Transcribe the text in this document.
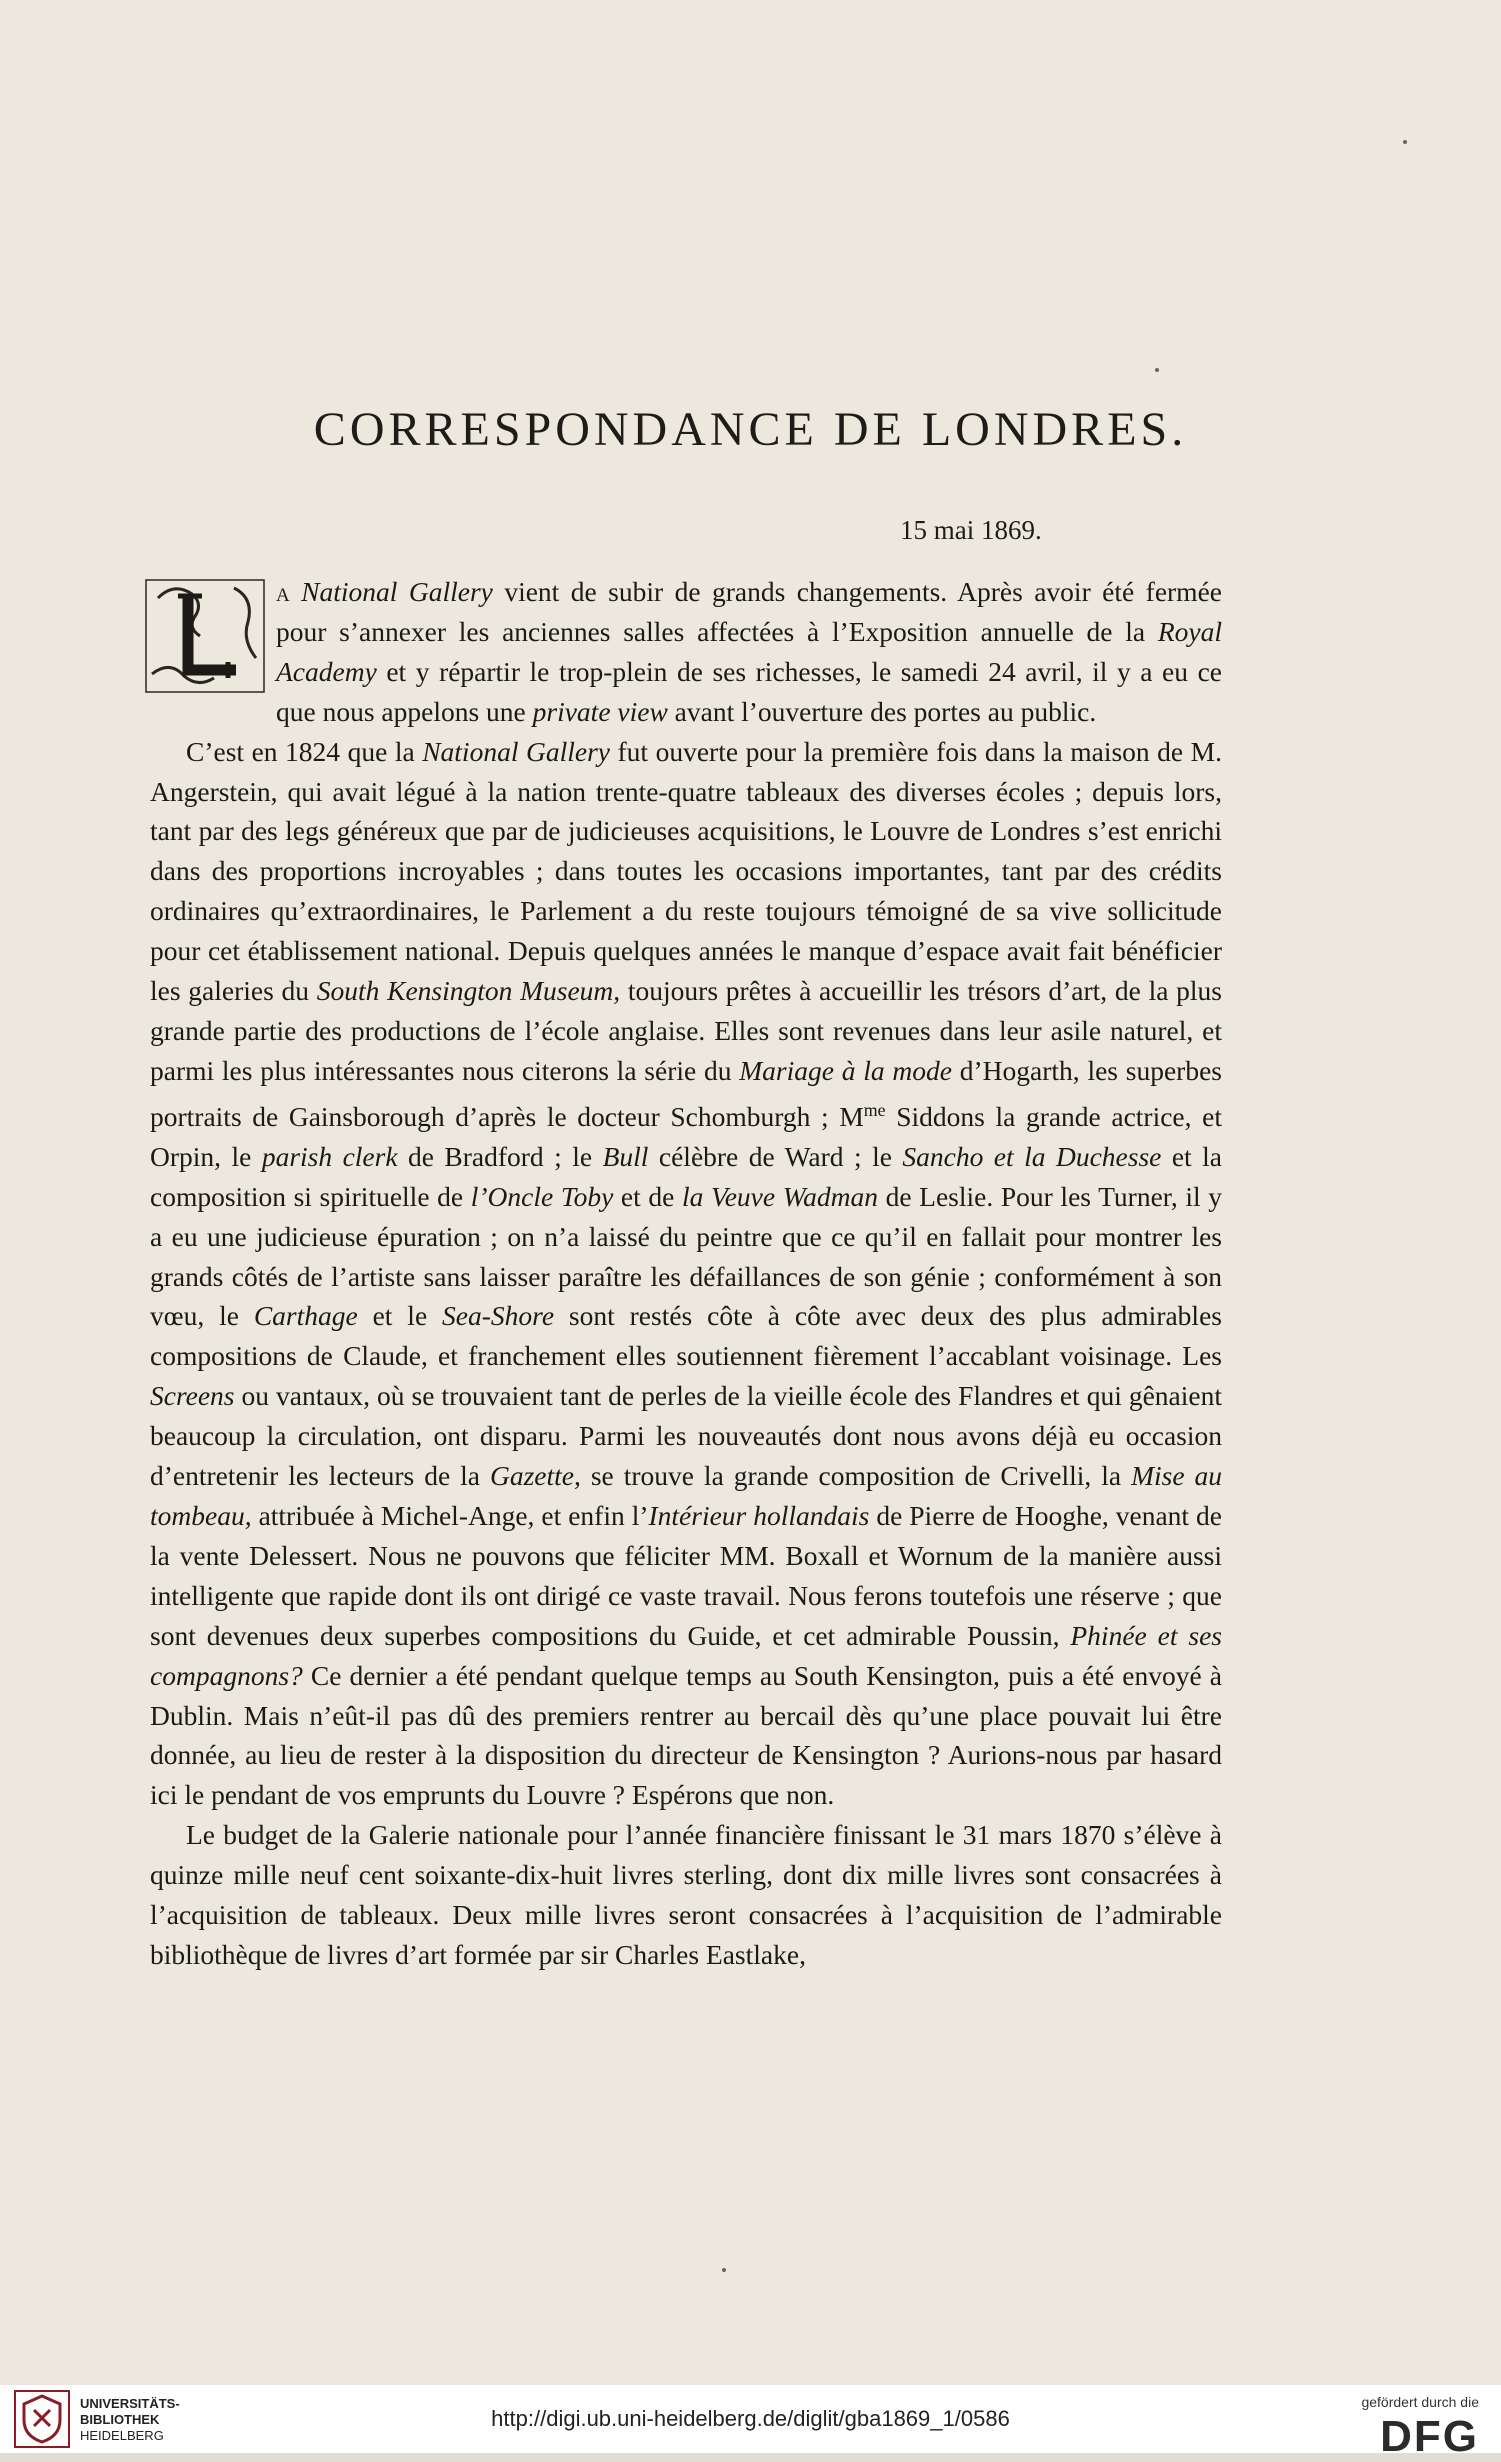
CORRESPONDANCE DE LONDRES.
15 mai 1869.

a National Gallery vient de subir de grands changements. Après avoir été fermée pour s’annexer les anciennes salles affectées à l’Exposition annuelle de la Royal Academy et y répartir le trop-plein de ses richesses, le samedi 24 avril, il y a eu ce que nous appelons une private view avant l’ouverture des portes au public.

C’est en 1824 que la National Gallery fut ouverte pour la première fois dans la maison de M. Angerstein, qui avait légué à la nation trente-quatre tableaux des diverses écoles ; depuis lors, tant par des legs généreux que par de judicieuses acquisitions, le Louvre de Londres s’est enrichi dans des proportions incroyables ; dans toutes les occasions importantes, tant par des crédits ordinaires qu’extraordinaires, le Parlement a du reste toujours témoigné de sa vive sollicitude pour cet établissement national. Depuis quelques années le manque d’espace avait fait bénéficier les galeries du South Kensington Museum, toujours prêtes à accueillir les trésors d’art, de la plus grande partie des productions de l’école anglaise. Elles sont revenues dans leur asile naturel, et parmi les plus intéressantes nous citerons la série du Mariage à la mode d’Hogarth, les superbes portraits de Gainsborough d’après le docteur Schomburgh ; $M^{me}$ Siddons la grande actrice, et Orpin, le parish clerk de Bradford ; le Bull célèbre de Ward ; le Sancho et la Duchesse et la composition si spirituelle de l’Oncle Toby et de la Veuve Wadman de Leslie. Pour les Turner, il y a eu une judicieuse épuration ; on n’a laissé du peintre que ce qu’il en fallait pour montrer les grands côtés de l’artiste sans laisser paraître les défaillances de son génie ; conformément à son vœu, le Carthage et le Sea-Shore sont restés côte à côte avec deux des plus admirables compositions de Claude, et franchement elles soutiennent fièrement l’accablant voisinage. Les Screens ou vantaux, où se trouvaient tant de perles de la vieille école des Flandres et qui gênaient beaucoup la circulation, ont disparu. Parmi les nouveautés dont nous avons déjà eu occasion d’entretenir les lecteurs de la Gazette, se trouve la grande composition de Crivelli, la Mise au tombeau, attribuée à Michel-Ange, et enfin l’Intérieur hollandais de Pierre de Hooghe, venant de la vente Delessert. Nous ne pouvons que féliciter MM. Boxall et Wornum de la manière aussi intelligente que rapide dont ils ont dirigé ce vaste travail. Nous ferons toutefois une réserve ; que sont devenues deux superbes compositions du Guide, et cet admirable Poussin, Phinée et ses compagnons? Ce dernier a été pendant quelque temps au South Kensington, puis a été envoyé à Dublin. Mais n’eût-il pas dû des premiers rentrer au bercail dès qu’une place pouvait lui être donnée, au lieu de rester à la disposition du directeur de Kensington ? Aurions-nous par hasard ici le pendant de vos emprunts du Louvre ? Espérons que non.

Le budget de la Galerie nationale pour l’année financière finissant le 31 mars 1870 s’élève à quinze mille neuf cent soixante-dix-huit livres sterling, dont dix mille livres sont consacrées à l’acquisition de tableaux. Deux mille livres seront consacrées à l’acquisition de l’admirable bibliothèque de livres d’art formée par sir Charles Eastlake,

UNIVERSITÄTS-
BIBLIOTHEK
HEIDELBERG
http://digi.ub.uni-heidelberg.de/diglit/gba1869_1/0586
gefördert durch die
DFG
